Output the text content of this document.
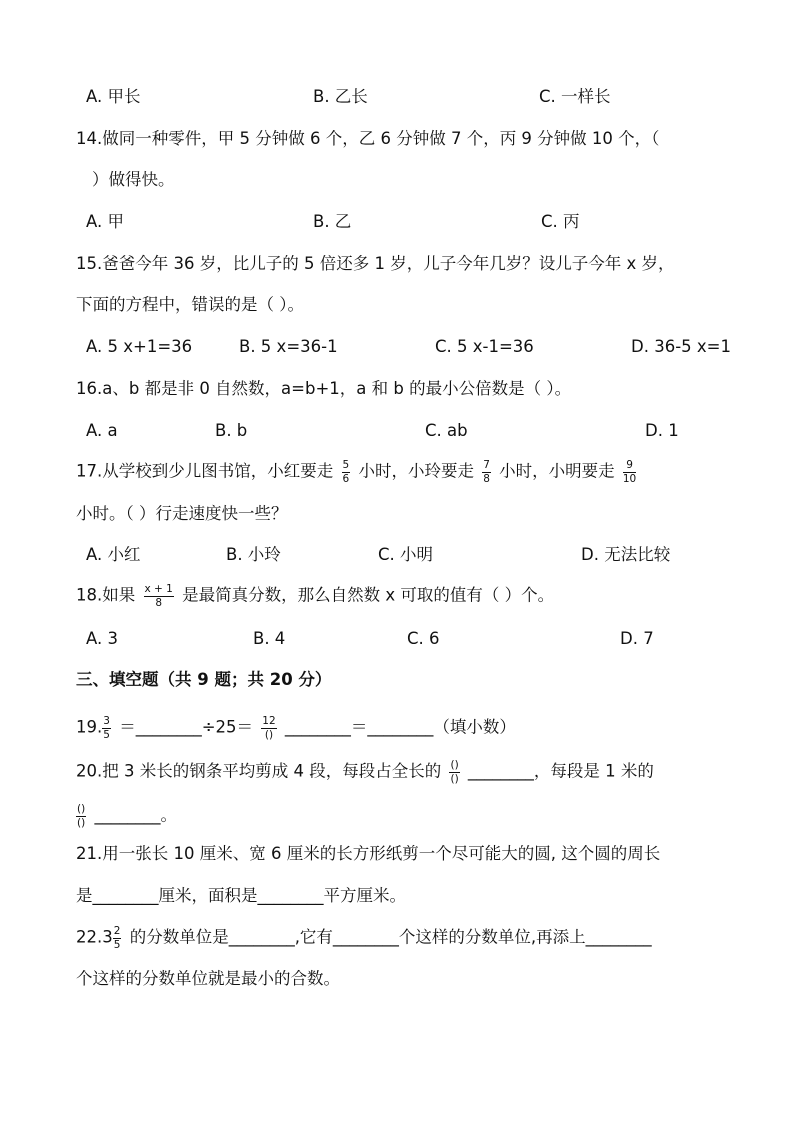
A. 甲长	B. 乙长	C. 一样长
14.做同一种零件，甲 5 分钟做 6 个，乙 6 分钟做 7 个，丙 9 分钟做 10 个，（
）做得快。
A. 甲	B. 乙	C. 丙
15.爸爸今年 36 岁，比儿子的 5 倍还多 1 岁，儿子今年几岁？设儿子今年 x 岁，
下面的方程中，错误的是（ ）。
A. 5 x+1=36	B. 5 x=36-1	C. 5 x-1=36	D. 36-5 x=1
16.a、b 都是非 0 自然数，a=b+1，a 和 b 的最小公倍数是（ ）。
A. a	B. b	C. ab	D. 1
17.从学校到少儿图书馆，小红要走 $\frac{5}{6}$ 小时，小玲要走 $\frac{7}{8}$ 小时，小明要走 $\frac{9}{10}$
小时。（ ）行走速度快一些？
A. 小红	B. 小玲	C. 小明	D. 无法比较
18.如果 $\frac{x + 1}{8}$ 是最简真分数，那么自然数 x 可取的值有（ ）个。
A. 3	B. 4	C. 6	D. 7
三、填空题（共 9 题；共 20 分）
19. $\frac{3}{5}$ ＝________÷25＝ $\frac{12}{()}$ ________＝________（填小数）
20.把 3 米长的钢条平均剪成 4 段，每段占全长的 $\frac{()}{()}$ ________，每段是 1 米的
$\frac{()}{()}$ ________。
21.用一张长 10 厘米、宽 6 厘米的长方形纸剪一个尽可能大的圆, 这个圆的周长
是________厘米，面积是________平方厘米。
$22.3 \frac{2}{5}$ 的分数单位是________,它有________个这样的分数单位,再添上________
个这样的分数单位就是最小的合数。
